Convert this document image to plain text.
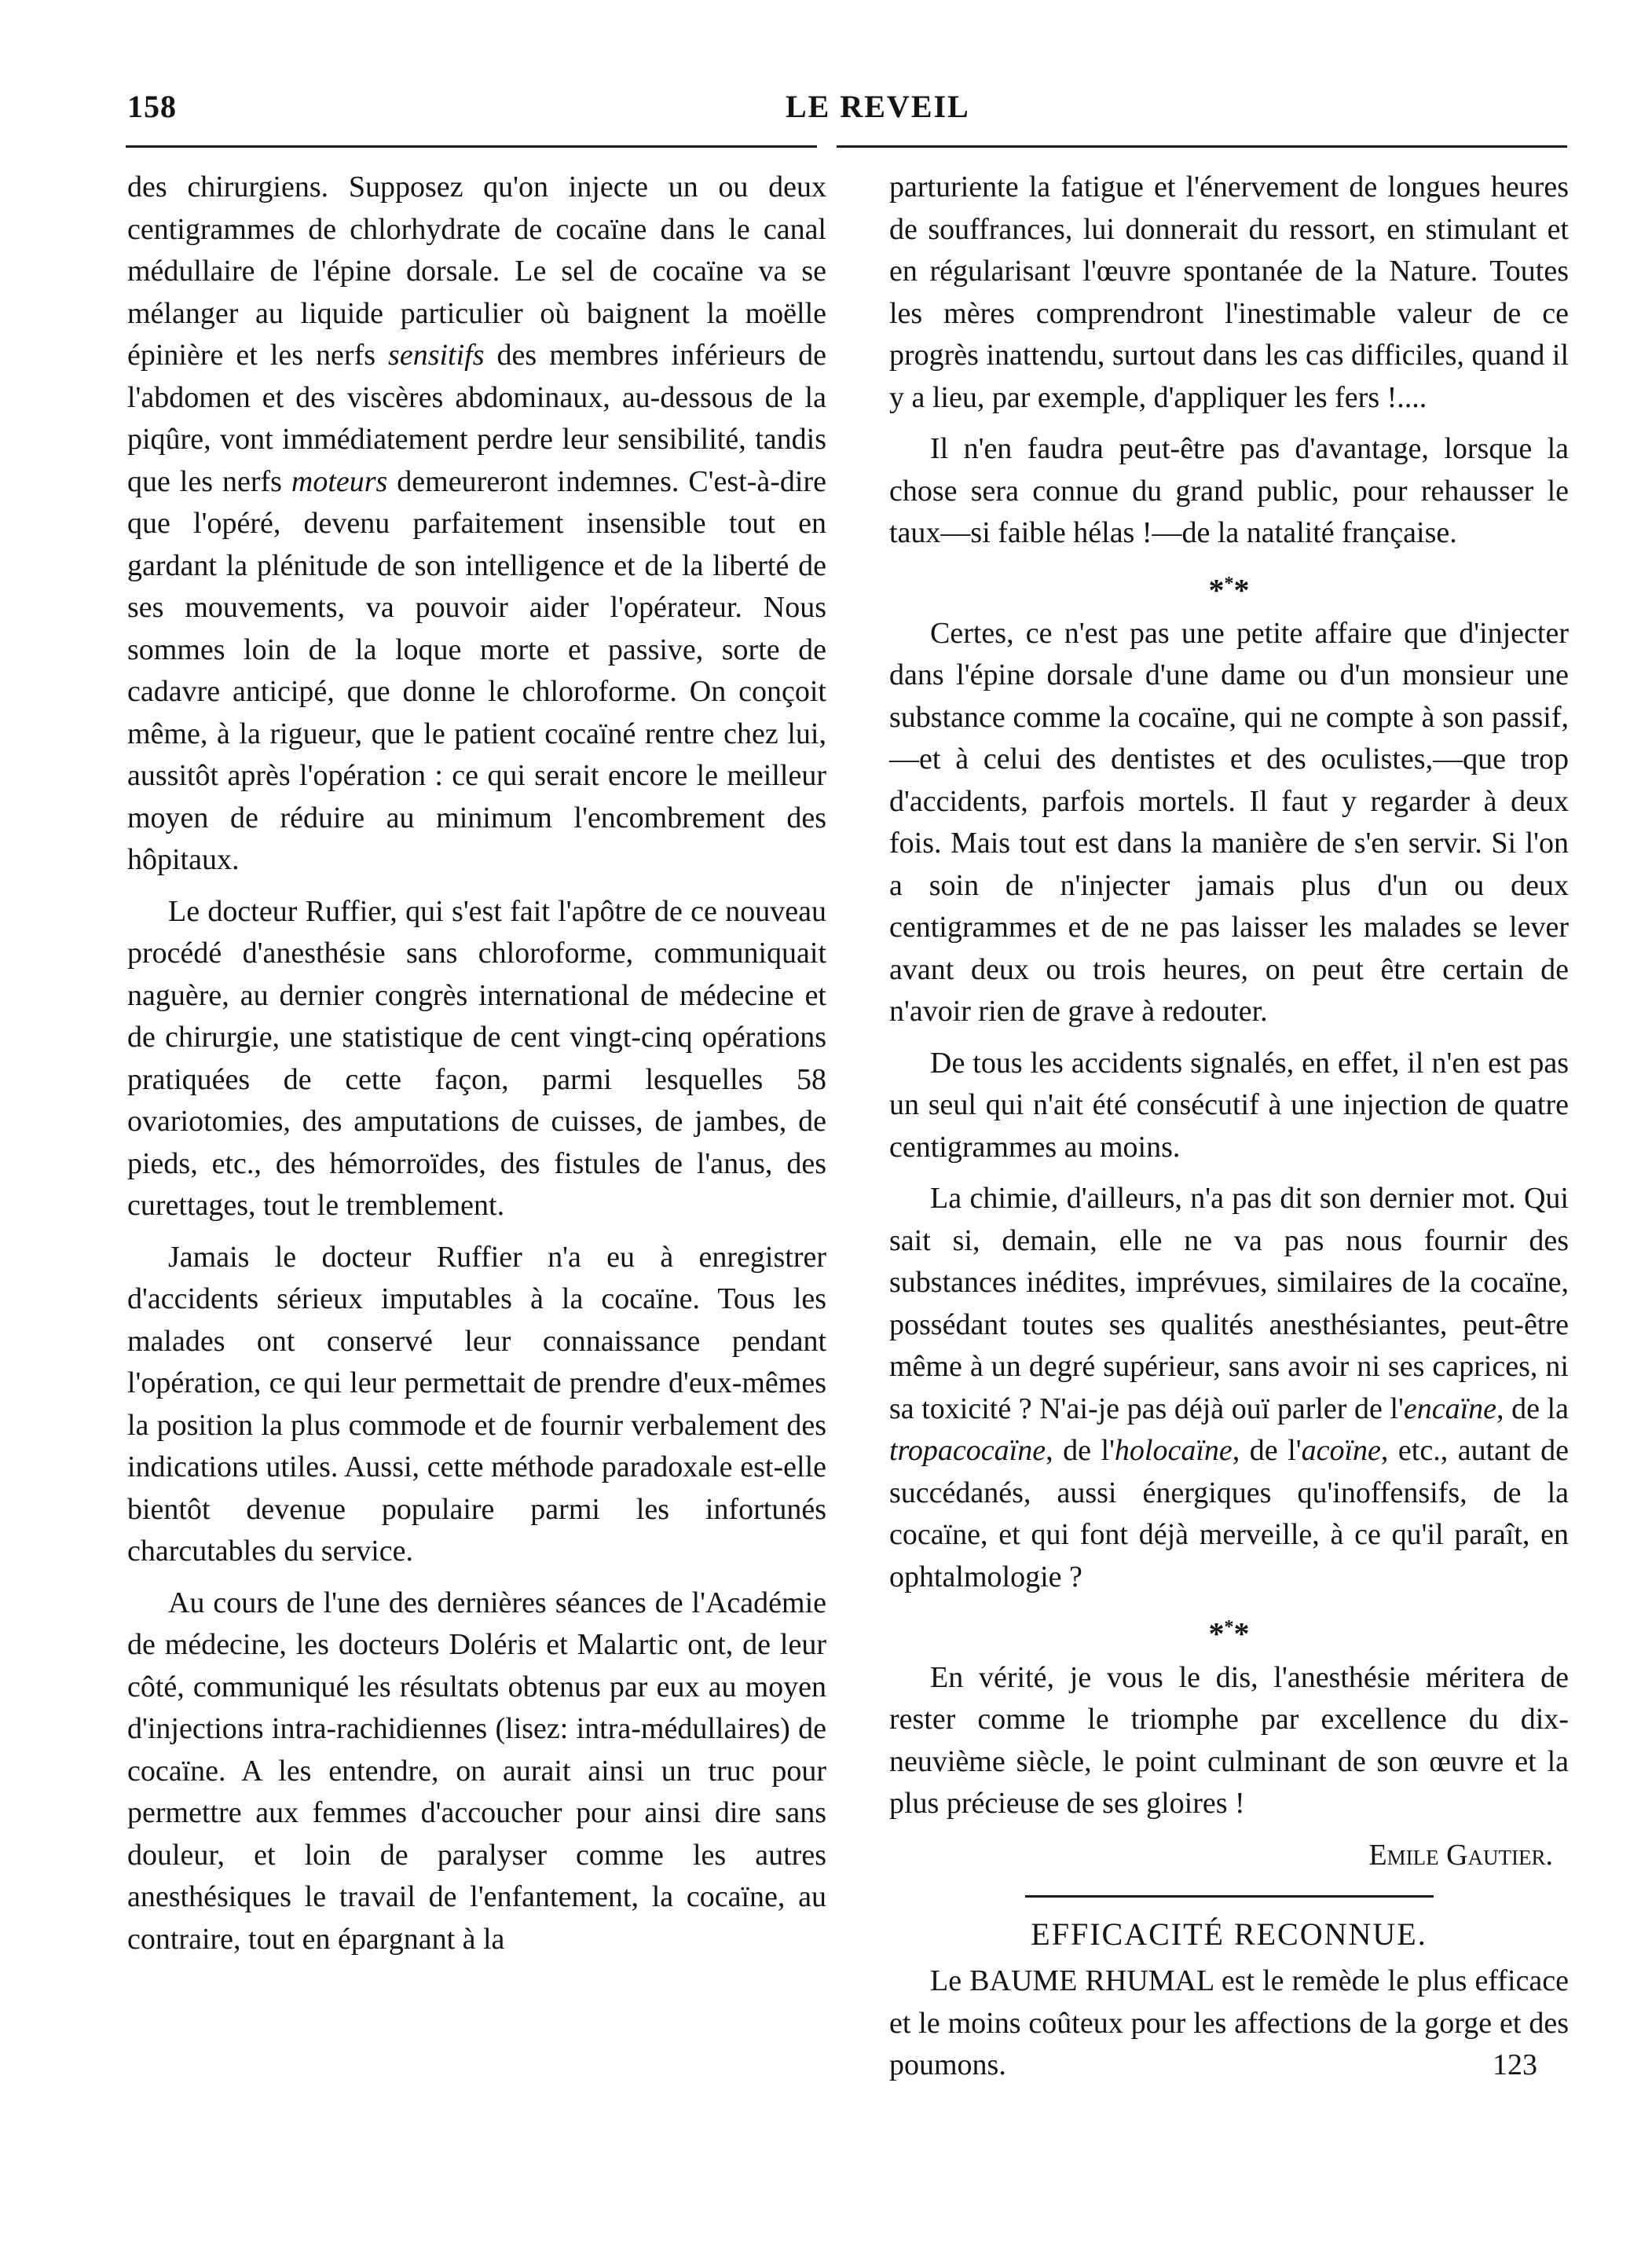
158	LE REVEIL

des chirurgiens. Supposez qu'on injecte un ou deux centigrammes de chlorhydrate de cocaïne dans le canal médullaire de l'épine dorsale. Le sel de cocaïne va se mélanger au liquide particulier où baignent la moëlle épinière et les nerfs sensitifs des membres inférieurs de l'abdomen et des viscères abdominaux, au-dessous de la piqûre, vont immédiatement perdre leur sensibilité, tandis que les nerfs moteurs demeureront indemnes. C'est-à-dire que l'opéré, devenu parfaitement insensible tout en gardant la plénitude de son intelligence et de la liberté de ses mouvements, va pouvoir aider l'opérateur. Nous sommes loin de la loque morte et passive, sorte de cadavre anticipé, que donne le chloroforme. On conçoit même, à la rigueur, que le patient cocaïné rentre chez lui, aussitôt après l'opération : ce qui serait encore le meilleur moyen de réduire au minimum l'encombrement des hôpitaux.

Le docteur Ruffier, qui s'est fait l'apôtre de ce nouveau procédé d'anesthésie sans chloroforme, communiquait naguère, au dernier congrès international de médecine et de chirurgie, une statistique de cent vingt-cinq opérations pratiquées de cette façon, parmi lesquelles 58 ovariotomies, des amputations de cuisses, de jambes, de pieds, etc., des hémorroïdes, des fistules de l'anus, des curettages, tout le tremblement.

Jamais le docteur Ruffier n'a eu à enregistrer d'accidents sérieux imputables à la cocaïne. Tous les malades ont conservé leur connaissance pendant l'opération, ce qui leur permettait de prendre d'eux-mêmes la position la plus commode et de fournir verbalement des indications utiles. Aussi, cette méthode paradoxale est-elle bientôt devenue populaire parmi les infortunés charcutables du service.

Au cours de l'une des dernières séances de l'Académie de médecine, les docteurs Doléris et Malartic ont, de leur côté, communiqué les résultats obtenus par eux au moyen d'injections intra-rachidiennes (lisez: intra-médullaires) de cocaïne. A les entendre, on aurait ainsi un truc pour permettre aux femmes d'accoucher pour ainsi dire sans douleur, et loin de paralyser comme les autres anesthésiques le travail de l'enfantement, la cocaïne, au contraire, tout en épargnant à la

parturiente la fatigue et l'énervement de longues heures de souffrances, lui donnerait du ressort, en stimulant et en régularisant l'œuvre spontanée de la Nature. Toutes les mères comprendront l'inestimable valeur de ce progrès inattendu, surtout dans les cas difficiles, quand il y a lieu, par exemple, d'appliquer les fers !....

Il n'en faudra peut-être pas d'avantage, lorsque la chose sera connue du grand public, pour rehausser le taux—si faible hélas !—de la natalité française.

***

Certes, ce n'est pas une petite affaire que d'injecter dans l'épine dorsale d'une dame ou d'un monsieur une substance comme la cocaïne, qui ne compte à son passif,—et à celui des dentistes et des oculistes,—que trop d'accidents, parfois mortels. Il faut y regarder à deux fois. Mais tout est dans la manière de s'en servir. Si l'on a soin de n'injecter jamais plus d'un ou deux centigrammes et de ne pas laisser les malades se lever avant deux ou trois heures, on peut être certain de n'avoir rien de grave à redouter.

De tous les accidents signalés, en effet, il n'en est pas un seul qui n'ait été consécutif à une injection de quatre centigrammes au moins.

La chimie, d'ailleurs, n'a pas dit son dernier mot. Qui sait si, demain, elle ne va pas nous fournir des substances inédites, imprévues, similaires de la cocaïne, possédant toutes ses qualités anesthésiantes, peut-être même à un degré supérieur, sans avoir ni ses caprices, ni sa toxicité ? N'ai-je pas déjà ouï parler de l'encaïne, de la tropacocaïne, de l'holocaïne, de l'acoïne, etc., autant de succédanés, aussi énergiques qu'inoffensifs, de la cocaïne, et qui font déjà merveille, à ce qu'il paraît, en ophtalmologie ?

***

En vérité, je vous le dis, l'anesthésie méritera de rester comme le triomphe par excellence du dix-neuvième siècle, le point culminant de son œuvre et la plus précieuse de ses gloires !

Emile Gautier.
EFFICACITÉ RECONNUE.

Le BAUME RHUMAL est le remède le plus efficace et le moins coûteux pour les affections de la gorge et des poumons.	123
